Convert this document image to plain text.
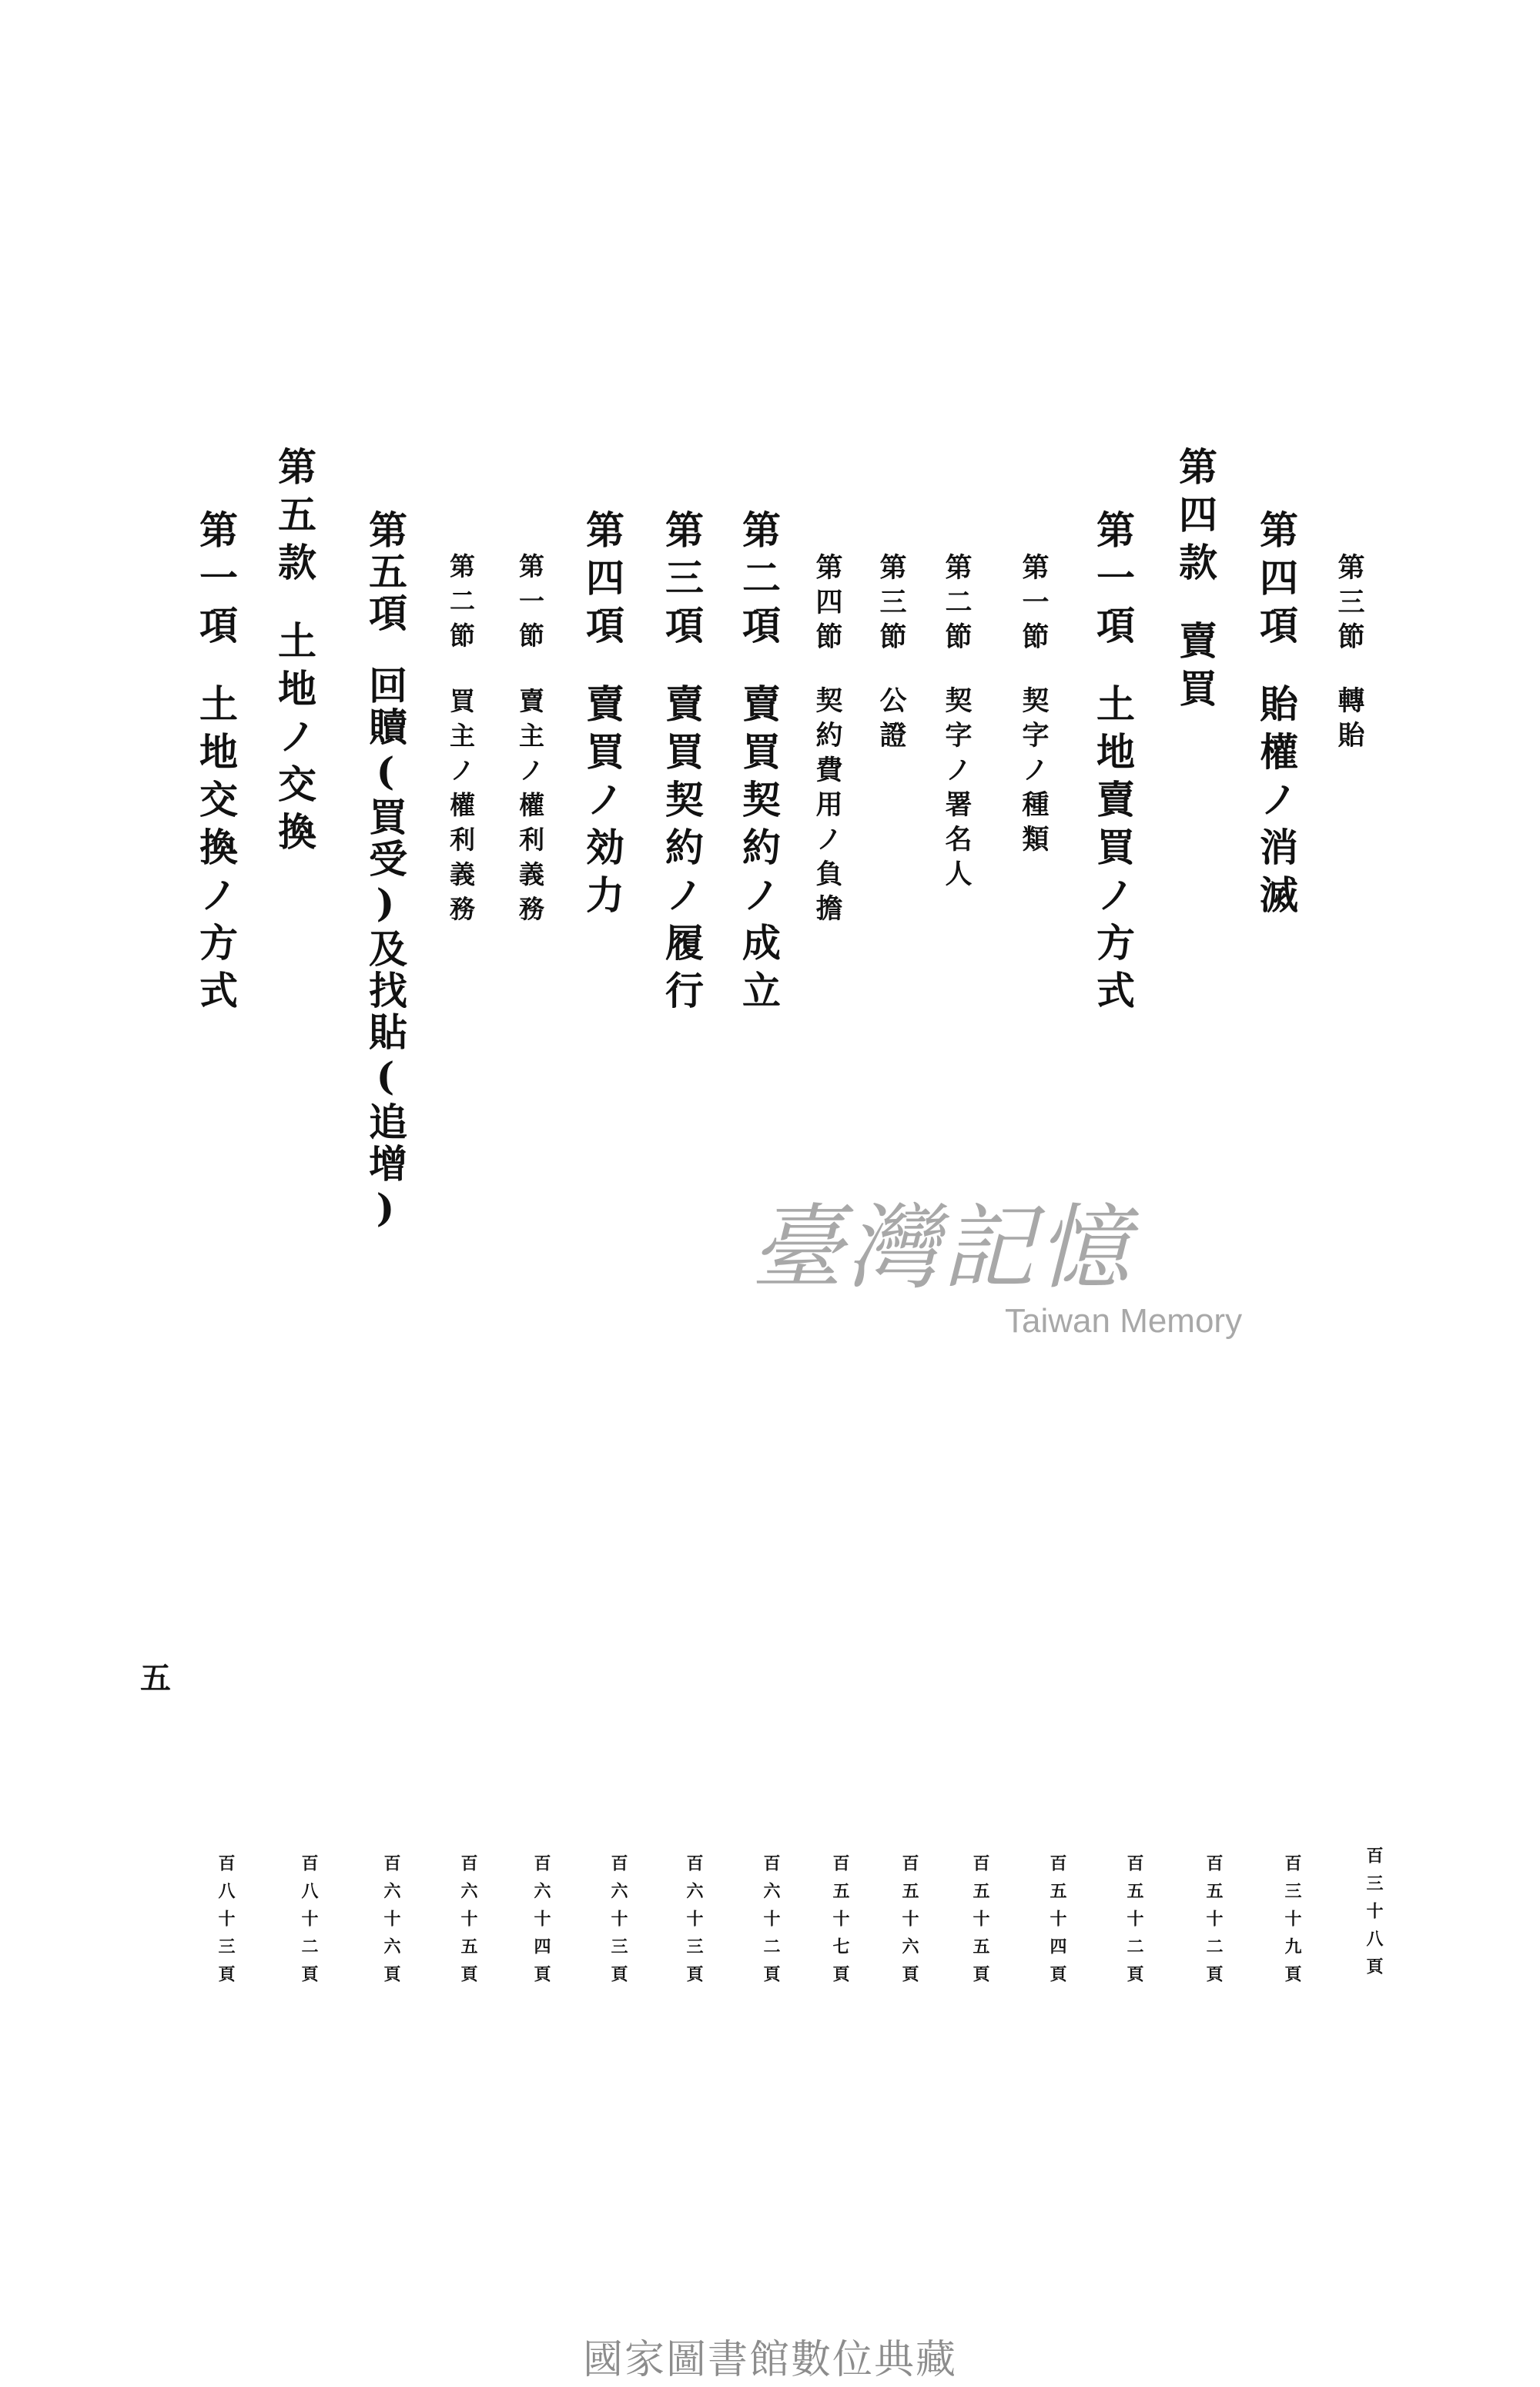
第三節轉貽
百三十八頁
第四項貽權ノ消滅
百三十九頁
第四款賣買
百五十二頁
第一項土地賣買ノ方式
百五十二頁
第一節契字ノ種類
百五十四頁
第二節契字ノ署名人
百五十五頁
第三節公證
百五十六頁
第四節契約費用ノ負擔
百五十七頁
第二項賣買契約ノ成立
百六十二頁
第三項賣買契約ノ履行
百六十三頁
第四項賣買ノ効力
百六十三頁
第一節賣主ノ權利義務
百六十四頁
第二節買主ノ權利義務
百六十五頁
第五項回贖(買受)及找貼(追增)
百六十六頁
第五款土地ノ交換
百八十二頁
第一項土地交換ノ方式
百八十三頁
五
臺灣記憶
Taiwan Memory
國家圖書館數位典藏
